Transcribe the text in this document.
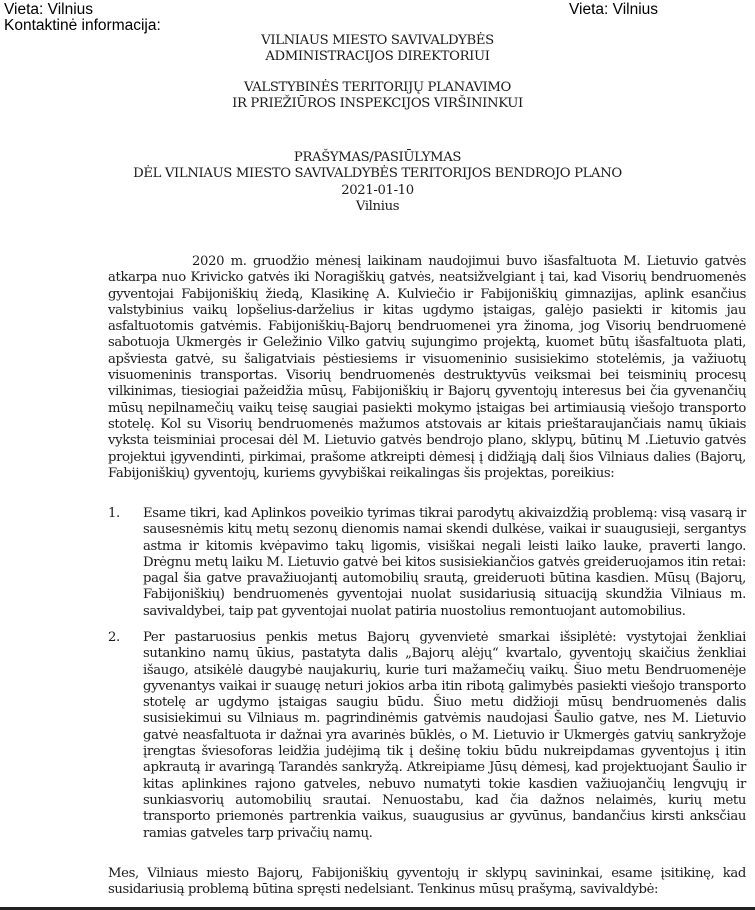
Vieta: Vilnius
Kontaktinė informacija:

Vieta: Vilnius
VILNIAUS MIESTO SAVIVALDYBĖS
ADMINISTRACIJOS DIREKTORIUI
VALSTYBINĖS TERITORIJŲ PLANAVIMO
IR PRIEŽIŪROS INSPEKCIJOS VIRŠININKUI
PRAŠYMAS/PASIŪLYMAS
DĖL VILNIAUS MIESTO SAVIVALDYBĖS TERITORIJOS BENDROJO PLANO
2021-01-10
Vilnius
2020 m. gruodžio mėnesį laikinam naudojimui buvo išasfaltuota M. Lietuvio gatvės atkarpa nuo Krivicko gatvės iki Noragiškių gatvės, neatsižvelgiant į tai, kad Visorių bendruomenės gyventojai Fabijoniškių žiedą, Klasikinę A. Kulviečio ir Fabijoniškių gimnazijas, aplink esančius valstybinius vaikų lopšelius-darželius ir kitas ugdymo įstaigas, galėjo pasiekti ir kitomis jau asfaltuotomis gatvėmis. Fabijoniškių-Bajorų bendruomenei yra žinoma, jog Visorių bendruomenė sabotuoja Ukmergės ir Geležinio Vilko gatvių sujungimo projektą, kuomet būtų išasfaltuota plati, apšviesta gatvė, su šaligatviais pėstiesiems ir visuomeninio susisiekimo stotelėmis, ja važiuotų visuomeninis transportas. Visorių bendruomenės destruktyvūs veiksmai bei teisminių procesų vilkinimas, tiesiogiai pažeidžia mūsų, Fabijoniškių ir Bajorų gyventojų interesus bei čia gyvenančių mūsų nepilnamečių vaikų teisę saugiai pasiekti mokymo įstaigas bei artimiausią viešojo transporto stotelę. Kol su Visorių bendruomenės mažumos atstovais ar kitais prieštaraujančiais namų ūkiais vyksta teisminiai procesai dėl M. Lietuvio gatvės bendrojo plano, sklypų, būtinų M .Lietuvio gatvės projektui įgyvendinti, pirkimai, prašome atkreipti dėmesį į didžiąją dalį šios Vilniaus dalies (Bajorų, Fabijoniškių) gyventojų, kuriems gyvybiškai reikalingas šis projektas, poreikius:
1. Esame tikri, kad Aplinkos poveikio tyrimas tikrai parodytų akivaizdžią problemą: visą vasarą ir sausesnėmis kitų metų sezonų dienomis namai skendi dulkėse, vaikai ir suaugusieji, sergantys astma ir kitomis kvėpavimo takų ligomis, visiškai negali leisti laiko lauke, praverti lango. Drėgnu metų laiku M. Lietuvio gatvė bei kitos susisiekiančios gatvės greideruojamos itin retai: pagal šia gatve pravažiuojantį automobilių srautą, greideruoti būtina kasdien. Mūsų (Bajorų, Fabijoniškių) bendruomenės gyventojai nuolat susidariusią situaciją skundžia Vilniaus m. savivaldybei, taip pat gyventojai nuolat patiria nuostolius remontuojant automobilius.
2. Per pastaruosius penkis metus Bajorų gyvenvietė smarkai išsiplėtė: vystytojai ženkliai sutankino namų ūkius, pastatyta dalis „Bajorų alėjų“ kvartalo, gyventojų skaičius ženkliai išaugo, atsikėlė daugybė naujakurių, kurie turi mažamečių vaikų. Šiuo metu Bendruomenėje gyvenantys vaikai ir suaugę neturi jokios arba itin ribotą galimybės pasiekti viešojo transporto stotelę ar ugdymo įstaigas saugiu būdu. Šiuo metu didžioji mūsų bendruomenės dalis susisiekimui su Vilniaus m. pagrindinėmis gatvėmis naudojasi Šaulio gatve, nes M. Lietuvio gatvė neasfaltuota ir dažnai yra avarinės būklės, o M. Lietuvio ir Ukmergės gatvių sankryžoje įrengtas šviesoforas leidžia judėjimą tik į dešinę tokiu būdu nukreipdamas gyventojus į itin apkrautą ir avaringą Tarandės sankryžą. Atkreipiame Jūsų dėmesį, kad projektuojant Šaulio ir kitas aplinkines rajono gatveles, nebuvo numatyti tokie kasdien važiuojančių lengvųjų ir sunkiasvorių automobilių srautai. Nenuostabu, kad čia dažnos nelaimės, kurių metu transporto priemonės partrenkia vaikus, suaugusius ar gyvūnus, bandančius kirsti anksčiau ramias gatveles tarp privačių namų.
Mes, Vilniaus miesto Bajorų, Fabijoniškių gyventojų ir sklypų savininkai, esame įsitikinę, kad susidariusią problemą būtina spręsti nedelsiant. Tenkinus mūsų prašymą, savivaldybė:
